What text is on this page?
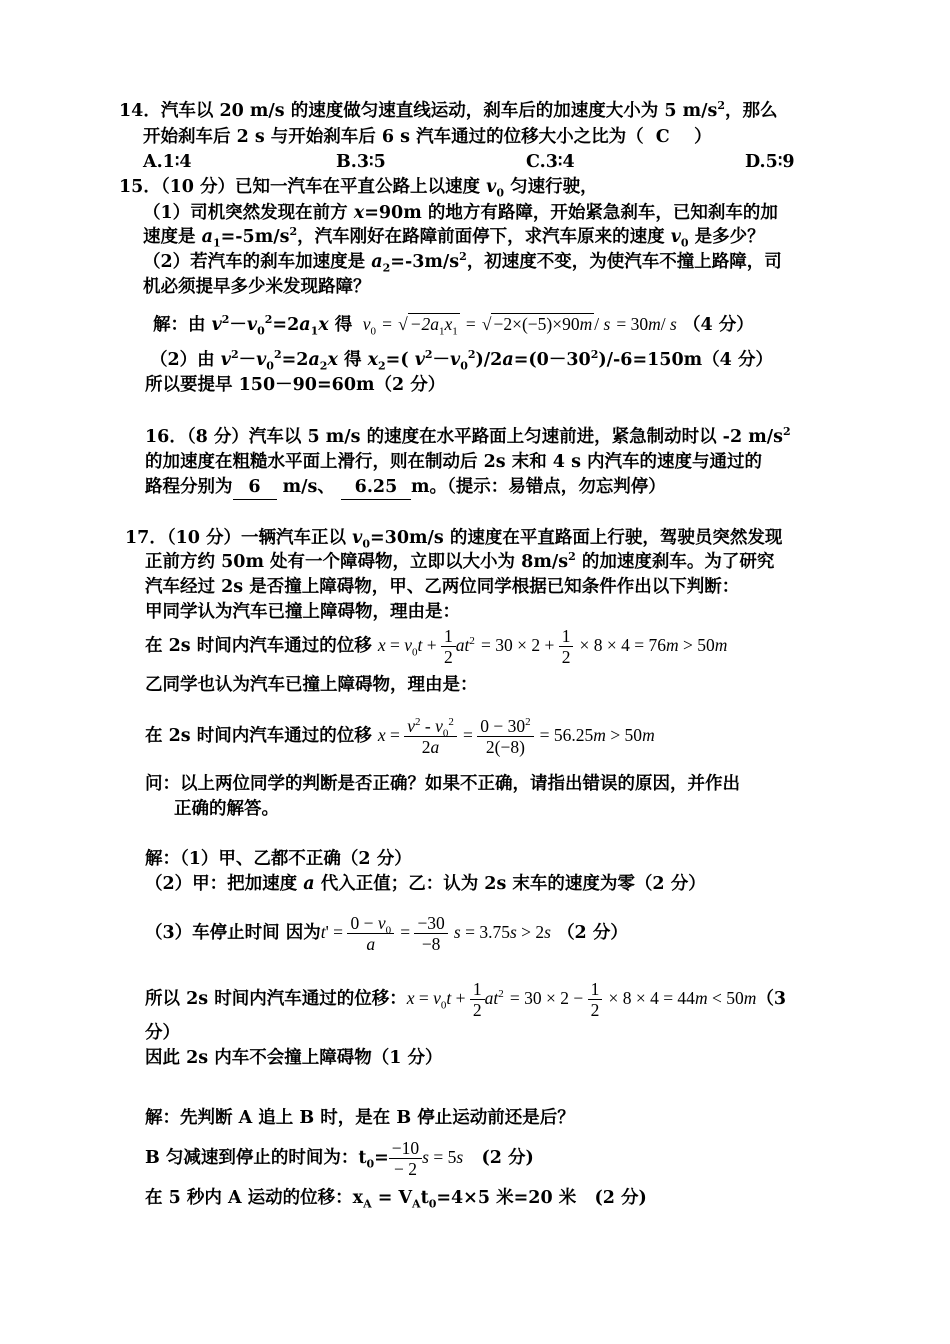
14．汽车以 20 m/s 的速度做匀速直线运动，刹车后的加速度大小为 5 $m/s^2$，那么
开始刹车后 2 s 与开始刹车后 6 s 汽车通过的位移大小之比为（  C ）
A.1∶4	B.3∶5	C.3∶4	D.5∶9
15．（10 分）已知一汽车在平直公路上以速度 $v_0$ 匀速行驶，
（1）司机突然发现在前方 x=90m 的地方有路障，开始紧急刹车，已知刹车的加
速度是 $a_1=-5m/s^2$，汽车刚好在路障前面停下，求汽车原来的速度 $v_0$ 是多少？
（2）若汽车的刹车加速度是 $a_2=-3m/s^2$，初速度不变，为使汽车不撞上路障，司
机必须提早多少米发现路障？
解：由 $v^2-v_0^2=2a_1x$ 得  $v_0$ = √ $-2a_1x_1$ = √ −2×(−5)×90m / s = 30m/ s （4 分）
（2）由 $v^2-v_0^2=2a_2x$ 得 $x_2=$( $v^2-v_0^2)/2a=(0-30^2)/-6=150m(4$ 分）
所以要提早 150－90=60m（2 分）
16．（8 分）汽车以 5 m/s 的速度在水平路面上匀速前进，紧急制动时以 -2 $m/s^2$
的加速度在粗糙水平面上滑行，则在制动后 2s 末和 4 s 内汽车的速度与通过的
路程分别为 6 m/s、 6.25 m。（提示：易错点，勿忘判停）
17．（10 分）一辆汽车正以 $v_0=30m/s$ 的速度在平直路面上行驶，驾驶员突然发现
正前方约 50m 处有一个障碍物，立即以大小为 $8m/s^2$ 的加速度刹车。为了研究
汽车经过 2s 是否撞上障碍物，甲、乙两位同学根据已知条件作出以下判断：
甲同学认为汽车已撞上障碍物，理由是：
在 2s 时间内汽车通过的位移 $x = v_0t + \frac{1}{2} at^2 = 30 \times 2 + \frac{1}{2} \times 8 \times 4 = 76m > 50m$
乙同学也认为汽车已撞上障碍物，理由是：
在 2s 时间内汽车通过的位移 $x = \frac{v^2 - v_0^2}{2a} = \frac{0 - 30^2}{2(-8)} = 56.25m > 50m$
问：以上两位同学的判断是否正确？如果不正确，请指出错误的原因，并作出
正确的解答。
解：（1）甲、乙都不正确（2 分）
（2）甲：把加速度 a 代入正值；乙：认为 2s 末车的速度为零（2 分）
（3）车停止时间 因为$t' = \frac{0 - v_0}{a} = \frac{-30}{-8}$ s = 3.75s > 2s （2 分）
所以 2s 时间内汽车通过的位移：$x = v_0t + \frac{1}{2} at^2 = 30 \times 2 - \frac{1}{2} \times 8 \times 4 = 44m < 50m(3$
分）
因此 2s 内车不会撞上障碍物（1 分）
解：先判断 A 追上 B 时，是在 B 停止运动前还是后？
B 匀减速到停止的时间为：$t_0= \frac{-10}{- 2}$ s = 5s (2 分)
在 5 秒内 A 运动的位移：$x_A = V_At_0=4\times 5$ 米=20 米   (2 分)
